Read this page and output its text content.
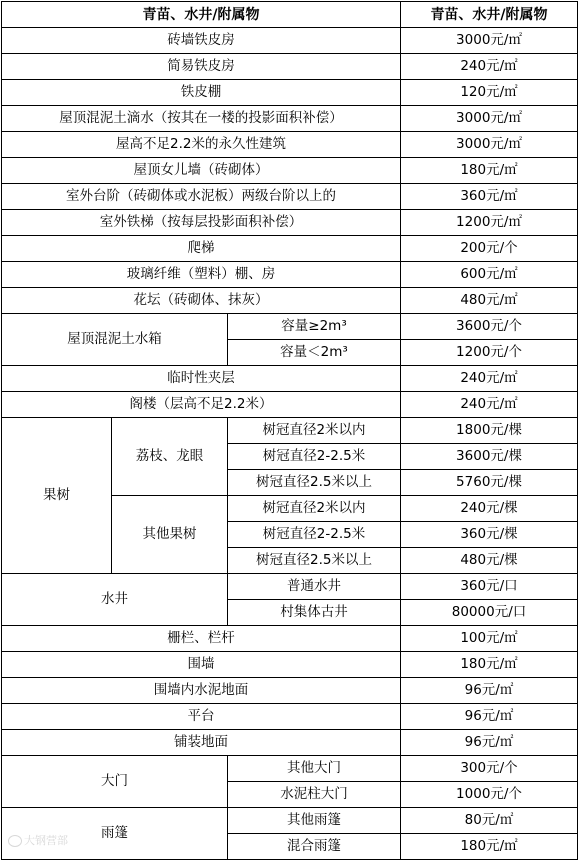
青苗、水井/附属物			青苗、水井/附属物
砖墙铁皮房			3000元/㎡
简易铁皮房			240元/㎡
铁皮棚			120元/㎡
屋顶混泥土滴水（按其在一楼的投影面积补偿）			3000元/㎡
屋高不足2.2米的永久性建筑			3000元/㎡
屋顶女儿墙（砖砌体）			180元/㎡
室外台阶（砖砌体或水泥板）两级台阶以上的			360元/㎡
室外铁梯（按每层投影面积补偿）			1200元/㎡
爬梯			200元/个
玻璃纤维（塑料）棚、房			600元/㎡
花坛（砖砌体、抹灰）			480元/㎡
屋顶混泥土水箱		容量≥2m³	3600元/个
		容量＜2m³	1200元/个
临时性夹层			240元/㎡
阁楼（层高不足2.2米）			240元/㎡
果树	荔枝、龙眼	树冠直径2米以内	1800元/棵
		树冠直径2-2.5米	3600元/棵
		树冠直径2.5米以上	5760元/棵
	其他果树	树冠直径2米以内	240元/棵
		树冠直径2-2.5米	360元/棵
		树冠直径2.5米以上	480元/棵
水井		普通水井	360元/口
		村集体古井	80000元/口
栅栏、栏杆			100元/㎡
围墙			180元/㎡
围墙内水泥地面			96元/㎡
平台			96元/㎡
铺装地面			96元/㎡
大门		其他大门	300元/个
		水泥柱大门	1000元/个
雨篷		其他雨篷	80元/㎡
		混合雨篷	180元/㎡
大钢营部
